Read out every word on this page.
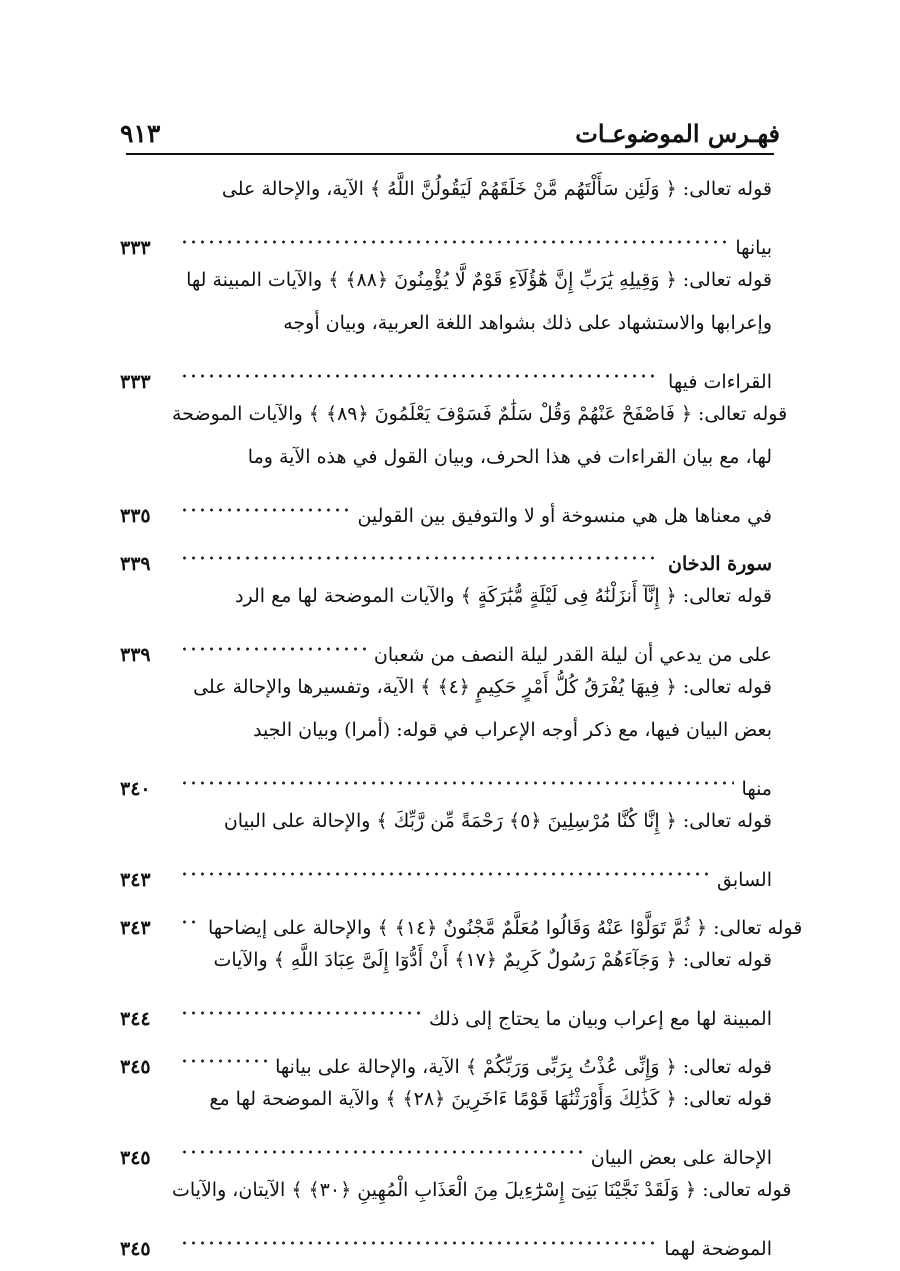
٩١٣	فهـرس الموضوعـات
قوله تعالى: ﴿ وَلَئِن سَأَلْتَهُم مَّنْ خَلَقَهُمْ لَيَقُولُنَّ اللَّهُ ﴾ الآية، والإحالة على
٣٣٣	بيانها
قوله تعالى: ﴿ وَقِيلِهِ يَٰرَبِّ إِنَّ هَٰٓؤُلَآءِ قَوْمٌ لَّا يُؤْمِنُونَ ﴿٨٨﴾ ﴾ والآيات المبينة لها
وإعرابها والاستشهاد على ذلك بشواهد اللغة العربية، وبيان أوجه
٣٣٣	القراءات فيها
قوله تعالى: ﴿ فَاصْفَحْ عَنْهُمْ وَقُلْ سَلَٰمٌ فَسَوْفَ يَعْلَمُونَ ﴿٨٩﴾ ﴾ والآيات الموضحة
لها، مع بيان القراءات في هذا الحرف، وبيان القول في هذه الآية وما
٣٣٥	في معناها هل هي منسوخة أو لا والتوفيق بين القولين
٣٣٩	سورة الدخان
قوله تعالى: ﴿ إِنَّآ أَنزَلْنَٰهُ فِى لَيْلَةٍ مُّبَٰرَكَةٍ ﴾ والآيات الموضحة لها مع الرد
٣٣٩	على من يدعي أن ليلة القدر ليلة النصف من شعبان
قوله تعالى: ﴿ فِيهَا يُفْرَقُ كُلُّ أَمْرٍ حَكِيمٍ ﴿٤﴾ ﴾ الآية، وتفسيرها والإحالة على
بعض البيان فيها، مع ذكر أوجه الإعراب في قوله: (أمرا) وبيان الجيد
٣٤٠	منها
قوله تعالى: ﴿ إِنَّا كُنَّا مُرْسِلِينَ ﴿٥﴾ رَحْمَةً مِّن رَّبِّكَ ﴾ والإحالة على البيان
٣٤٣	السابق
٣٤٣	قوله تعالى: ﴿ ثُمَّ تَوَلَّوْا عَنْهُ وَقَالُوا مُعَلَّمٌ مَّجْنُونٌ ﴿١٤﴾ ﴾ والإحالة على إيضاحها
قوله تعالى: ﴿ وَجَآءَهُمْ رَسُولٌ كَرِيمٌ ﴿١٧﴾ أَنْ أَدُّوٓا إِلَىَّ عِبَادَ اللَّهِ ﴾ والآيات
٣٤٤	المبينة لها مع إعراب وبيان ما يحتاج إلى ذلك
٣٤٥	قوله تعالى: ﴿ وَإِنِّى عُذْتُ بِرَبِّى وَرَبِّكُمْ ﴾ الآية، والإحالة على بيانها
قوله تعالى: ﴿ كَذَٰلِكَ وَأَوْرَثْنَٰهَا قَوْمًا ءَاخَرِينَ ﴿٢٨﴾ ﴾ والآية الموضحة لها مع
٣٤٥	الإحالة على بعض البيان
قوله تعالى: ﴿ وَلَقَدْ نَجَّيْنَا بَنِىٓ إِسْرَٰٓءِيلَ مِنَ الْعَذَابِ الْمُهِينِ ﴿٣٠﴾ ﴾ الآيتان، والآيات
٣٤٥	الموضحة لهما
